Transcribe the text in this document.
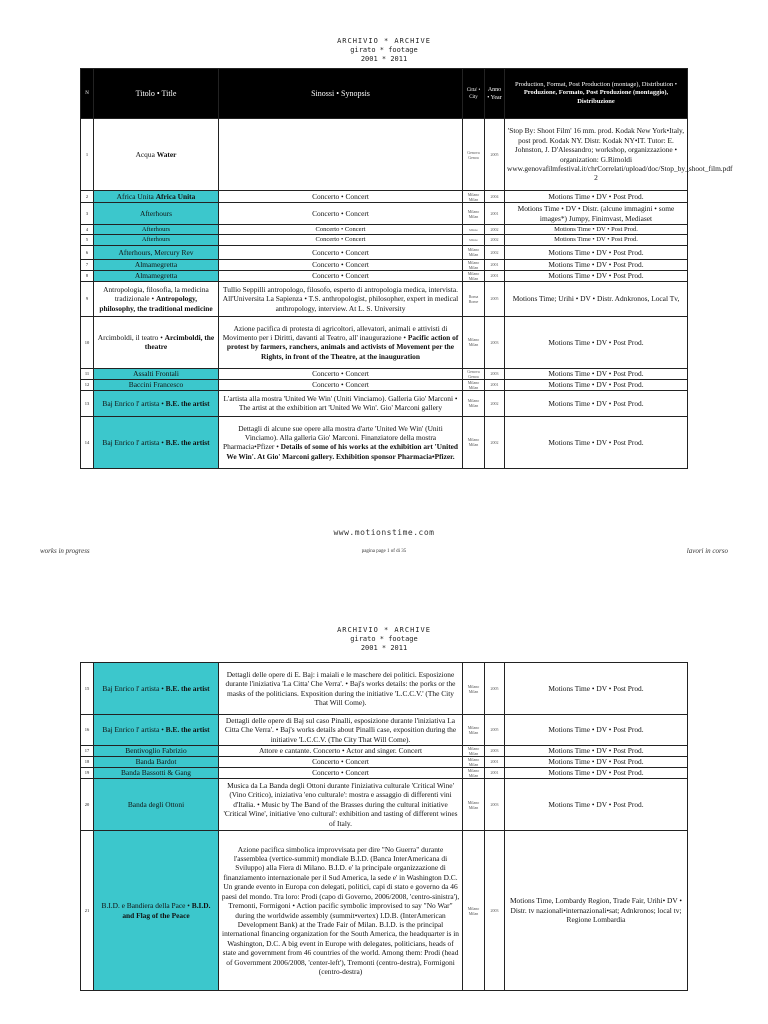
ARCHIVIO * ARCHIVE
girato * footage
2001 * 2011
N	Titolo • Title	Sinossi • Synopsis	Citta' • City	Anno • Year	Production, Format, Post Production (montage), Distribution •
Produzione, Formato, Post Produzione (montaggio), Distribuzione
1	Acqua Water		Genova Genoa	2005	'Stop By: Shoot Film' 16 mm. prod. Kodak New York•Italy, post prod. Kodak NY. Distr. Kodak NY•IT. Tutor: E. Johnston, J. D'Alessandro; workshop, organizzazione • organization: G.Rimoldi www.genovafilmfestival.it/chrCorrelati/upload/doc/Stop_by_shoot_film.pdf 2
2	Africa Unita Africa Unita	Concerto • Concert	Milano Milan	2004	Motions Time • DV • Post Prod.
3	Afterhours	Concerto • Concert	Milano Milan	2001	Motions Time • DV • Distr. (alcune immagini • some images*) Jumpy, Finimvast, Mediaset
4	Afterhours	Concerto • Concert	Milano	2002	Motions Time • DV • Post Prod.
5	Afterhours	Concerto • Concert	Milano	2002	Motions Time • DV • Post Prod.
6	Afterhours, Mercury Rev	Concerto • Concert	Milano Milan	2002	Motions Time • DV • Post Prod.
7	Almamegretta	Concerto • Concert	Milano Milan	2001	Motions Time • DV • Post Prod.
8	Almamegretta	Concerto • Concert	Milano Milan	2001	Motions Time • DV • Post Prod.
9	Antropologia, filosofia, la medicina tradizionale • Antropology, philosophy, the traditional medicine	Tullio Seppilli antropologo, filosofo, esperto di antropologia medica, intervista. All'Universita La Sapienza • T.S. anthropologist, philosopher, expert in medical anthropology, interview. At L. S. University	Roma Rome	2005	Motions Time; Urihi • DV • Distr. Adnkronos, Local Tv,
10	Arcimboldi, il teatro • Arcimboldi, the theatre	Azione pacifica di protesta di agricoltori, allevatori, animali e attivisti di Movimento per i Diritti, davanti al Teatro, all' inaugurazione • Pacific action of protest by farmers, ranchers, animals and activists of Movement per the Rights, in front of the Theatre, at the inauguration	Milano Milan	2003	Motions Time • DV • Post Prod.
11	Assalti Frontali	Concerto • Concert	Genova Genoa	2003	Motions Time • DV • Post Prod.
12	Baccini Francesco	Concerto • Concert	Milano Milan	2001	Motions Time • DV • Post Prod.
13	Baj Enrico l' artista • B.E. the artist	L'artista alla mostra 'United We Win' (Uniti Vinciamo). Galleria Gio' Marconi • The artist at the exhibition art 'United We Win'. Gio' Marconi gallery	Milano Milan	2002	Motions Time • DV • Post Prod.
14	Baj Enrico l' artista • B.E. the artist	Dettagli di alcune sue opere alla mostra d'arte 'United We Win' (Uniti Vinciamo). Alla galleria Gio' Marconi. Finanziatore della mostra Pharmacia•Pfizer • Details of some of his works at the exhibition art 'United We Win'. At Gio' Marconi gallery. Exhibition sponsor Pharmacia•Pfizer.	Milano Milan	2002	Motions Time • DV • Post Prod.
www.motionstime.com
works in progress	pagina page 1 of di 35	lavori in corso
ARCHIVIO * ARCHIVE
girato * footage
2001 * 2011
15	Baj Enrico l' artista • B.E. the artist	Dettagli delle opere di E. Baj: i maiali e le maschere dei politici. Esposizione durante l'iniziativa 'La Citta' Che Verra'. • Baj's works details: the porks or the masks of the politicians. Exposition during the initiative 'L.C.C.V.' (The City That Will Come).	Milano Milan	2005	Motions Time • DV • Post Prod.
16	Baj Enrico l' artista • B.E. the artist	Dettagli delle opere di Baj sul caso Pinalli, esposizione durante l'iniziativa La Citta Che Verra'. • Baj's works details about Pinalli case, exposition during the initiative 'L.C.C.V. (The City That Will Come).	Milano Milan	2005	Motions Time • DV • Post Prod.
17	Bentivoglio Fabrizio	Attore e cantante. Concerto • Actor and singer. Concert	Milano Milan	2003	Motions Time • DV • Post Prod.
18	Banda Bardot	Concerto • Concert	Milano Milan	2001	Motions Time • DV • Post Prod.
19	Banda Bassotti & Gang	Concerto • Concert	Milano Milan	2001	Motions Time • DV • Post Prod.
20	Banda degli Ottoni	Musica da La Banda degli Ottoni durante l'iniziativa culturale 'Critical Wine' (Vino Critico), iniziativa 'eno culturale': mostra e assaggio di differenti vini d'Italia. • Music by The Band of the Brasses during the cultural initiative 'Critical Wine', initiative 'eno cultural': exhibition and tasting of different wines of Italy.	Milano Milan	2003	Motions Time • DV • Post Prod.
21	B.I.D. e Bandiera della Pace • B.I.D. and Flag of the Peace	Azione pacifica simbolica improvvisata per dire "No Guerra" durante l'assemblea (vertice-summit) mondiale B.I.D. (Banca InterAmericana di Sviluppo) alla Fiera di Milano. B.I.D. e' la principale organizzazione di finanziamento internazionale per il Sud America, la sede e' in Washington D.C. Un grande evento in Europa con delegati, politici, capi di stato e governo da 46 paesi del mondo. Tra loro: Prodi (capo di Governo, 2006/2008, 'centro-sinistra'), Tremonti, Formigoni • Action pacific symbolic improvised to say "No War" during the worldwide assembly (summit•vertex) I.D.B. (InterAmerican Development Bank) at the Trade Fair of Milan. B.I.D. is the principal international financing organization for the South America, the headquarter is in Washington, D.C. A big event in Europe with delegates, politicians, heads of state and government from 46 countries of the world. Among them: Prodi (head of Government 2006/2008, 'center-left'), Tremonti (centro-destra), Formigoni (centro-destra)	Milano Milan	2003	Motions Time, Lombardy Region, Trade Fair, Urihi• DV • Distr. tv nazionali•internazionali•sat; Adnkronos; local tv; Regione Lombardia
